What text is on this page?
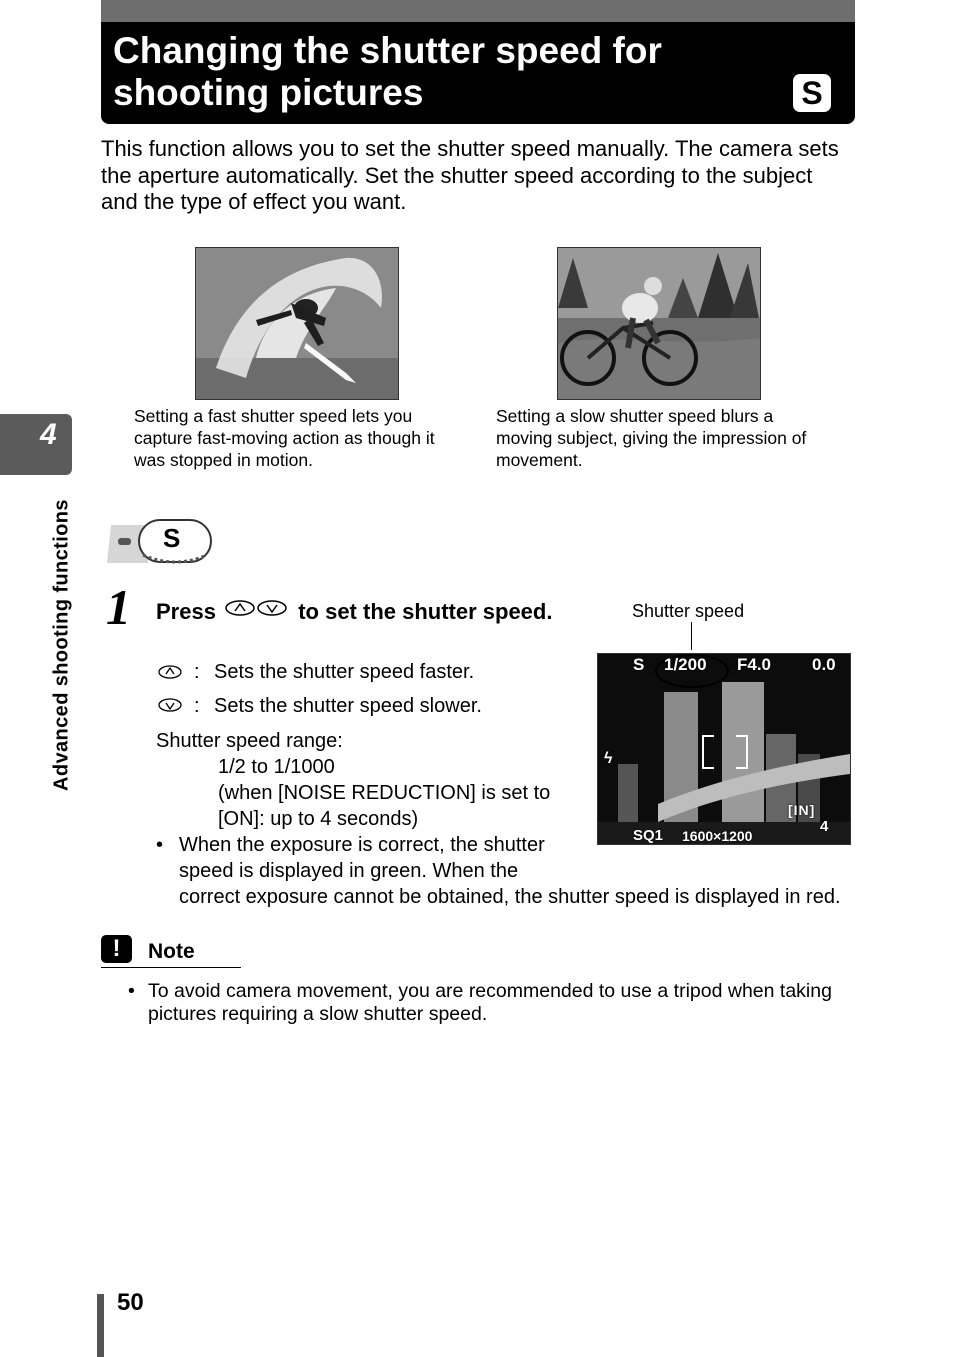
Changing the shutter speed for shooting pictures	S
This function allows you to set the shutter speed manually. The camera sets the aperture automatically. Set the shutter speed according to the subject and the type of effect you want.
Setting a fast shutter speed lets you capture fast-moving action as though it was stopped in motion.
Setting a slow shutter speed blurs a moving subject, giving the impression of movement.
4
Advanced shooting functions	S
1 Press	to set the shutter speed.
: Sets the shutter speed faster.
: Sets the shutter speed slower.
Shutter speed range:
1/2 to 1/1000
(when [NOISE REDUCTION] is set to
[ON]: up to 4 seconds)
• When the exposure is correct, the shutter speed is displayed in green. When the
correct exposure cannot be obtained, the shutter speed is displayed in red.
Shutter speed
S 1/200 F4.0 0.0
ϟ
[IN]
4
SQ1 1600×1200
!	Note
• To avoid camera movement, you are recommended to use a tripod when taking pictures requiring a slow shutter speed.
50
